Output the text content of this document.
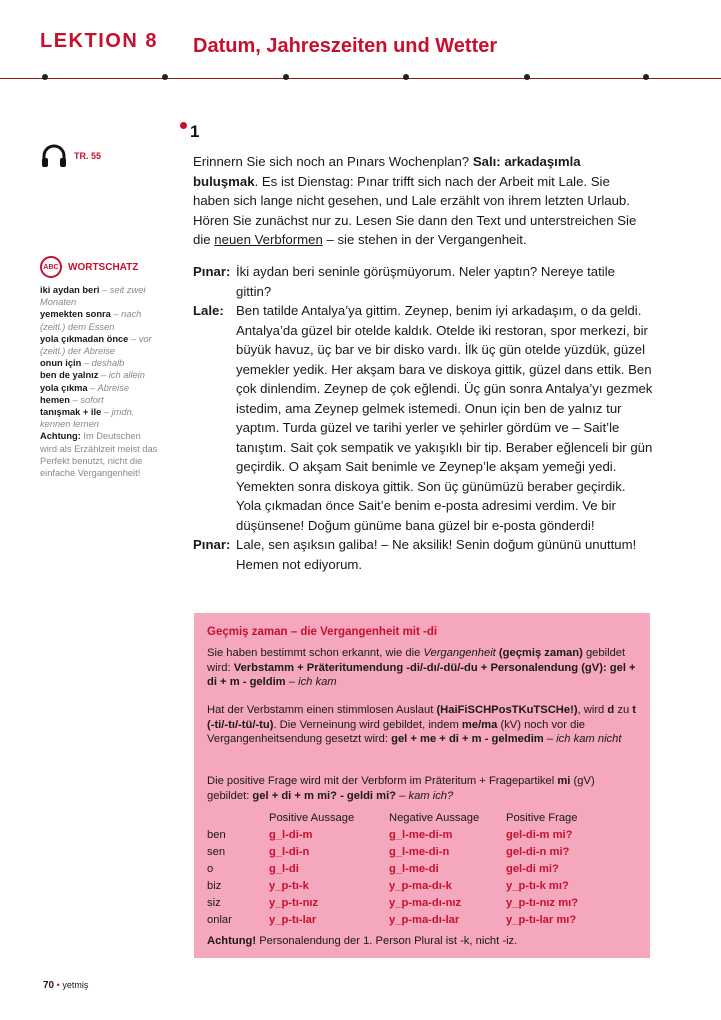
LEKTION 8 Datum, Jahreszeiten und Wetter
1
TR. 55	Erinnern Sie sich noch an Pınars Wochenplan? Salı: arkadaşımla buluşmak. Es ist Dienstag: Pınar trifft sich nach der Arbeit mit Lale. Sie haben sich lange nicht gesehen, und Lale erzählt von ihrem letzten Urlaub. Hören Sie zunächst nur zu. Lesen Sie dann den Text und unterstreichen Sie die neuen Verbformen – sie stehen in der Vergangenheit.
Pınar: İki aydan beri seninle görüşmüyorum. Neler yaptın? Nereye tatile gittin?
Lale: Ben tatilde Antalya’ya gittim. Zeynep, benim iyi arkadaşım, o da geldi. Antalya’da güzel bir otelde kaldık. Otelde iki restoran, spor merkezi, bir büyük havuz, üç bar ve bir disko vardı. İlk üç gün otelde yüzdük, güzel yemekler yedik. Her akşam bara ve diskoya gittik, güzel dans ettik. Ben çok dinlendim. Zeynep de çok eğlendi. Üç gün sonra Antalya’yı gezmek istedim, ama Zeynep gelmek istemedi. Onun için ben de yalnız tur yaptım. Turda güzel ve tarihi yerler ve şehirler gördüm ve – Sait’le tanıştım. Sait çok sempatik ve yakışıklı bir tip. Beraber eğlenceli bir gün geçirdik. O akşam Sait benimle ve Zeynep’le akşam yemeği yedi. Yemekten sonra diskoya gittik. Son üç günümüzü beraber geçirdik. Yola çıkmadan önce Sait’e benim e-posta adresimi verdim. Ve bir düşünsene! Doğum günüme bana güzel bir e-posta gönderdi!
Pınar: Lale, sen aşıksın galiba! – Ne aksilik! Senin doğum gününü unuttum! Hemen not ediyorum.
ABC WORTSCHATZ
iki aydan beri – seit zwei Monaten
yemekten sonra – nach (zeitl.) dem Essen
yola çıkmadan önce – vor (zeitl.) der Abreise
onun için – deshalb
ben de yalnız – ich allein
yola çıkma – Abreise
hemen – sofort
tanışmak + ile – jmdn. kennen lernen
Achtung: Im Deutschen wird als Erzählzeit meist das Perfekt benutzt, nicht die einfache Vergangenheit!
Geçmiş zaman – die Vergangenheit mit -di
Sie haben bestimmt schon erkannt, wie die Vergangenheit (geçmiş zaman) gebildet wird: Verbstamm + Präteritumendung -di/-dı/-dü/-du + Personalendung (gV): gel + di + m - geldim – ich kam
Hat der Verbstamm einen stimmlosen Auslaut (HaiFiSCHPosTKuTSCHe!), wird d zu t (-ti/-tı/-tü/-tu). Die Verneinung wird gebildet, indem me/ma (kV) noch vor die Vergangenheitsendung gesetzt wird: gel + me + di + m - gelmedim – ich kam nicht
Die positive Frage wird mit der Verbform im Präteritum + Fragepartikel mi (gV) gebildet: gel + di + m mi? - geldi mi? – kam ich?
	Positive Aussage	Negative Aussage	Positive Frage
ben	g_l-di-m	g_l-me-di-m	gel-di-m mi?
sen	g_l-di-n	g_l-me-di-n	gel-di-n mi?
o	g_l-di	g_l-me-di	gel-di mi?
biz	y_p-tı-k	y_p-ma-dı-k	y_p-tı-k mı?
siz	y_p-tı-nız	y_p-ma-dı-nız	y_p-tı-nız mı?
onlar	y_p-tı-lar	y_p-ma-dı-lar	y_p-tı-lar mı?
Achtung! Personalendung der 1. Person Plural ist -k, nicht -iz.
70 • yetmiş
